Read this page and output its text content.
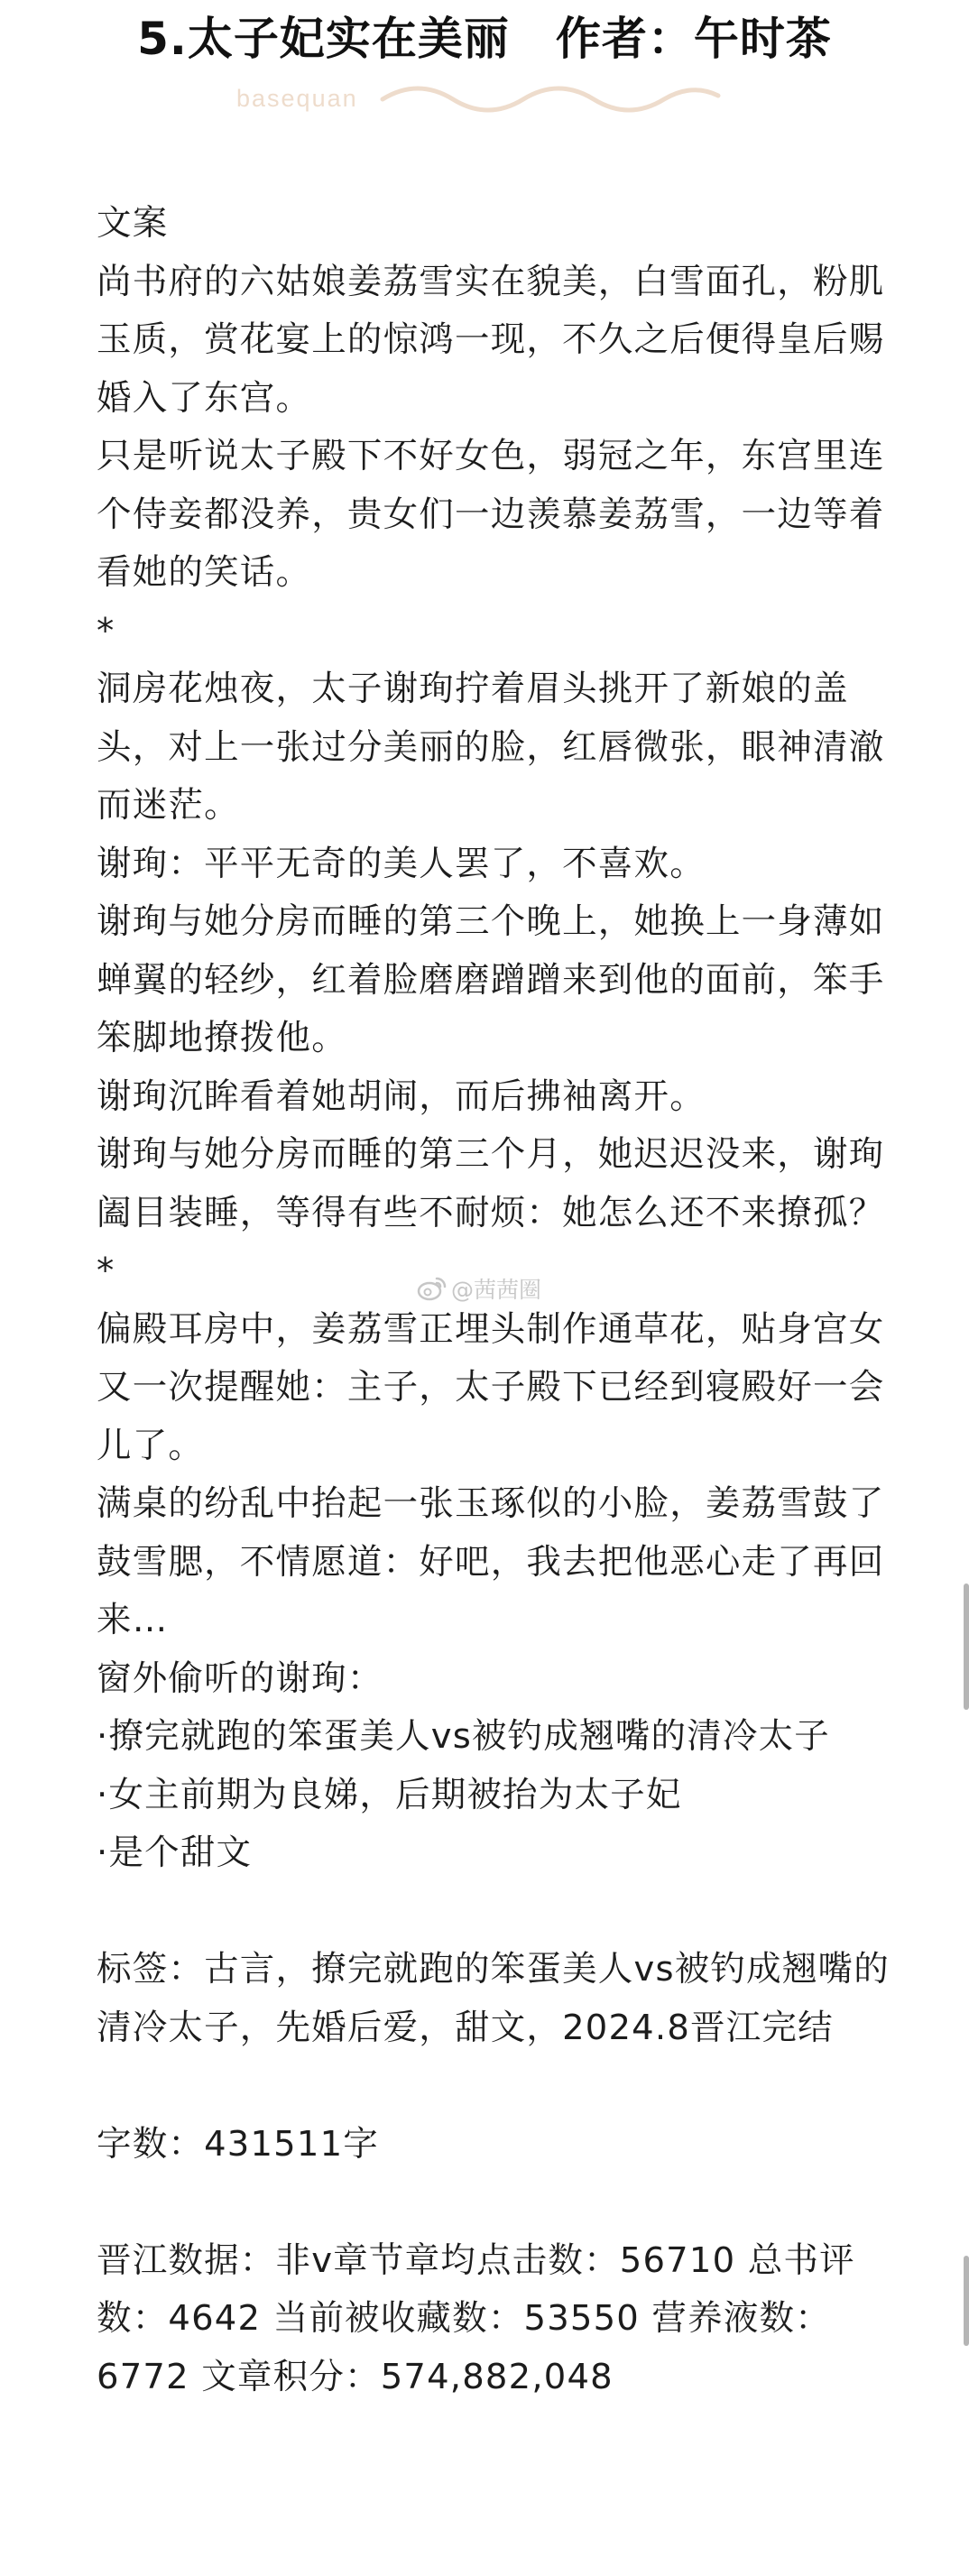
5.太子妃实在美丽　作者：午时茶
basequan

文案

尚书府的六姑娘姜荔雪实在貌美，白雪面孔，粉肌玉质，赏花宴上的惊鸿一现，不久之后便得皇后赐婚入了东宫。

只是听说太子殿下不好女色，弱冠之年，东宫里连个侍妾都没养，贵女们一边羡慕姜荔雪，一边等着看她的笑话。

*

洞房花烛夜，太子谢珣拧着眉头挑开了新娘的盖头，对上一张过分美丽的脸，红唇微张，眼神清澈而迷茫。

谢珣：平平无奇的美人罢了，不喜欢。

谢珣与她分房而睡的第三个晚上，她换上一身薄如蝉翼的轻纱，红着脸磨磨蹭蹭来到他的面前，笨手笨脚地撩拨他。

谢珣沉眸看着她胡闹，而后拂袖离开。

谢珣与她分房而睡的第三个月，她迟迟没来，谢珣阖目装睡，等得有些不耐烦：她怎么还不来撩孤？

*

偏殿耳房中，姜荔雪正埋头制作通草花，贴身宫女又一次提醒她：主子，太子殿下已经到寝殿好一会儿了。

满桌的纷乱中抬起一张玉琢似的小脸，姜荔雪鼓了鼓雪腮，不情愿道：好吧，我去把他恶心走了再回来…

窗外偷听的谢珣：

·撩完就跑的笨蛋美人vs被钓成翘嘴的清冷太子

·女主前期为良娣，后期被抬为太子妃

·是个甜文

标签：古言，撩完就跑的笨蛋美人vs被钓成翘嘴的清冷太子，先婚后爱，甜文，2024.8晋江完结

字数：431511字

晋江数据：非v章节章均点击数：56710 总书评数：4642 当前被收藏数：53550 营养液数：6772 文章积分：574,882,048

@茜茜圈
